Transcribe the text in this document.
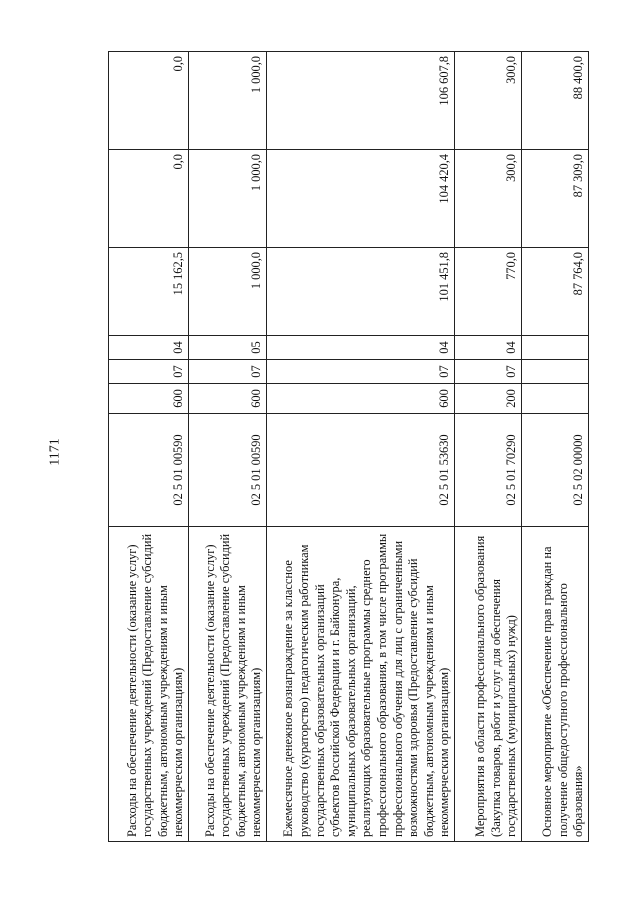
1171
Расходы на обеспечение деятельности (оказание услуг) государственных учреждений (Предоставление субсидий бюджетным, автономным учреждениям и иным некоммерческим организациям)	02 5 01 00590	600	07	04	15 162,5	0,0	0,0
Расходы на обеспечение деятельности (оказание услуг) государственных учреждений (Предоставление субсидий бюджетным, автономным учреждениям и иным некоммерческим организациям)	02 5 01 00590	600	07	05	1 000,0	1 000,0	1 000,0
Ежемесячное денежное вознаграждение за классное руководство (кураторство) педагогическим работникам государственных образовательных организаций субъектов Российской Федерации и г. Байконура, муниципальных образовательных организаций, реализующих образовательные программы среднего профессионального образования, в том числе программы профессионального обучения для лиц с ограниченными возможностями здоровья (Предоставление субсидий бюджетным, автономным учреждениям и иным некоммерческим организациям)	02 5 01 53630	600	07	04	101 451,8	104 420,4	106 607,8
Мероприятия в области профессионального образования (Закупка товаров, работ и услуг для обеспечения государственных (муниципальных) нужд)	02 5 01 70290	200	07	04	770,0	300,0	300,0
Основное мероприятие «Обеспечение прав граждан на получение общедоступного профессионального образования»	02 5 02 00000				87 764,0	87 309,0	88 400,0
